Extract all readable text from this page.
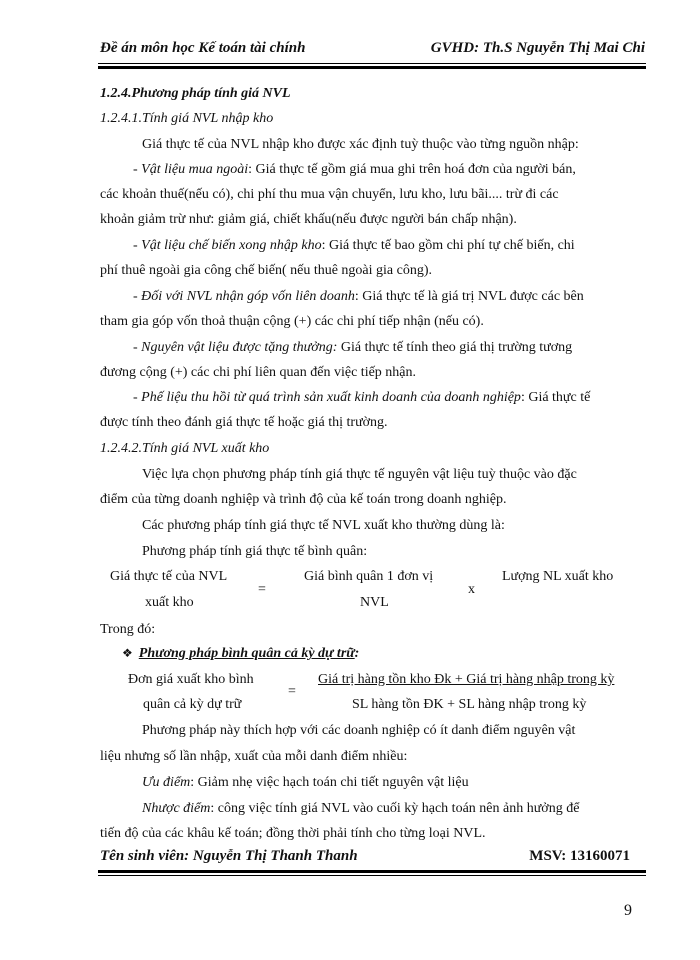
Đề án môn học Kế toán tài chính	GVHD: Th.S Nguyễn Thị Mai Chi
1.2.4.Phương pháp tính giá NVL
1.2.4.1.Tính giá NVL nhập kho
Giá thực tế của NVL nhập kho được xác định tuỳ thuộc vào từng nguồn nhập:
- Vật liệu mua ngoài: Giá thực tế gồm giá mua ghi trên hoá đơn của người bán,
các khoản thuế(nếu có), chi phí thu mua vận chuyển, lưu kho, lưu bãi.... trừ đi các
khoản giảm trừ như: giảm giá, chiết khấu(nếu được người bán chấp nhận).
- Vật liệu chế biến xong nhập kho: Giá thực tế bao gồm chi phí tự chế biến, chi
phí thuê ngoài gia công chế biến( nếu thuê ngoài gia công).
- Đối với NVL nhận góp vốn liên doanh: Giá thực tế là giá trị NVL được các bên
tham gia góp vốn thoả thuận cộng (+) các chi phí tiếp nhận (nếu có).
- Nguyên vật liệu được tặng thưởng: Giá thực tế tính theo giá thị trường tương
đương cộng (+) các chi phí liên quan đến việc tiếp nhận.
- Phế liệu thu hồi từ quá trình sản xuất kinh doanh của doanh nghiệp: Giá thực tế
được tính theo đánh giá thực tế hoặc giá thị trường.
1.2.4.2.Tính giá NVL xuất kho
Việc lựa chọn phương pháp tính giá thực tế nguyên vật liệu tuỳ thuộc vào đặc
điểm của từng doanh nghiệp và trình độ của kế toán trong doanh nghiệp.
Các phương pháp tính giá thực tế NVL xuất kho thường dùng là:
Phương pháp tính giá thực tế bình quân:
Giá thực tế của NVL
xuất kho
=
Giá bình quân 1 đơn vị
NVL
x
Lượng NL xuất kho
Trong đó:
❖ Phương pháp bình quân cả kỳ dự trữ:
Đơn giá xuất kho bình
quân cả kỳ dự trữ
=
Giá trị hàng tồn kho Đk + Giá trị hàng nhập trong kỳ
SL hàng tồn ĐK + SL hàng nhập trong kỳ
Phương pháp này thích hợp với các doanh nghiệp có ít danh điểm nguyên vật
liệu nhưng số lần nhập, xuất của mỗi danh điểm nhiều:
Ưu điểm: Giảm nhẹ việc hạch toán chi tiết nguyên vật liệu
Nhược điểm: công việc tính giá NVL vào cuối kỳ hạch toán nên ảnh hưởng để
tiến độ của các khâu kế toán; đồng thời phải tính cho từng loại NVL.
Tên sinh viên: Nguyễn Thị Thanh Thanh	MSV: 13160071
9
